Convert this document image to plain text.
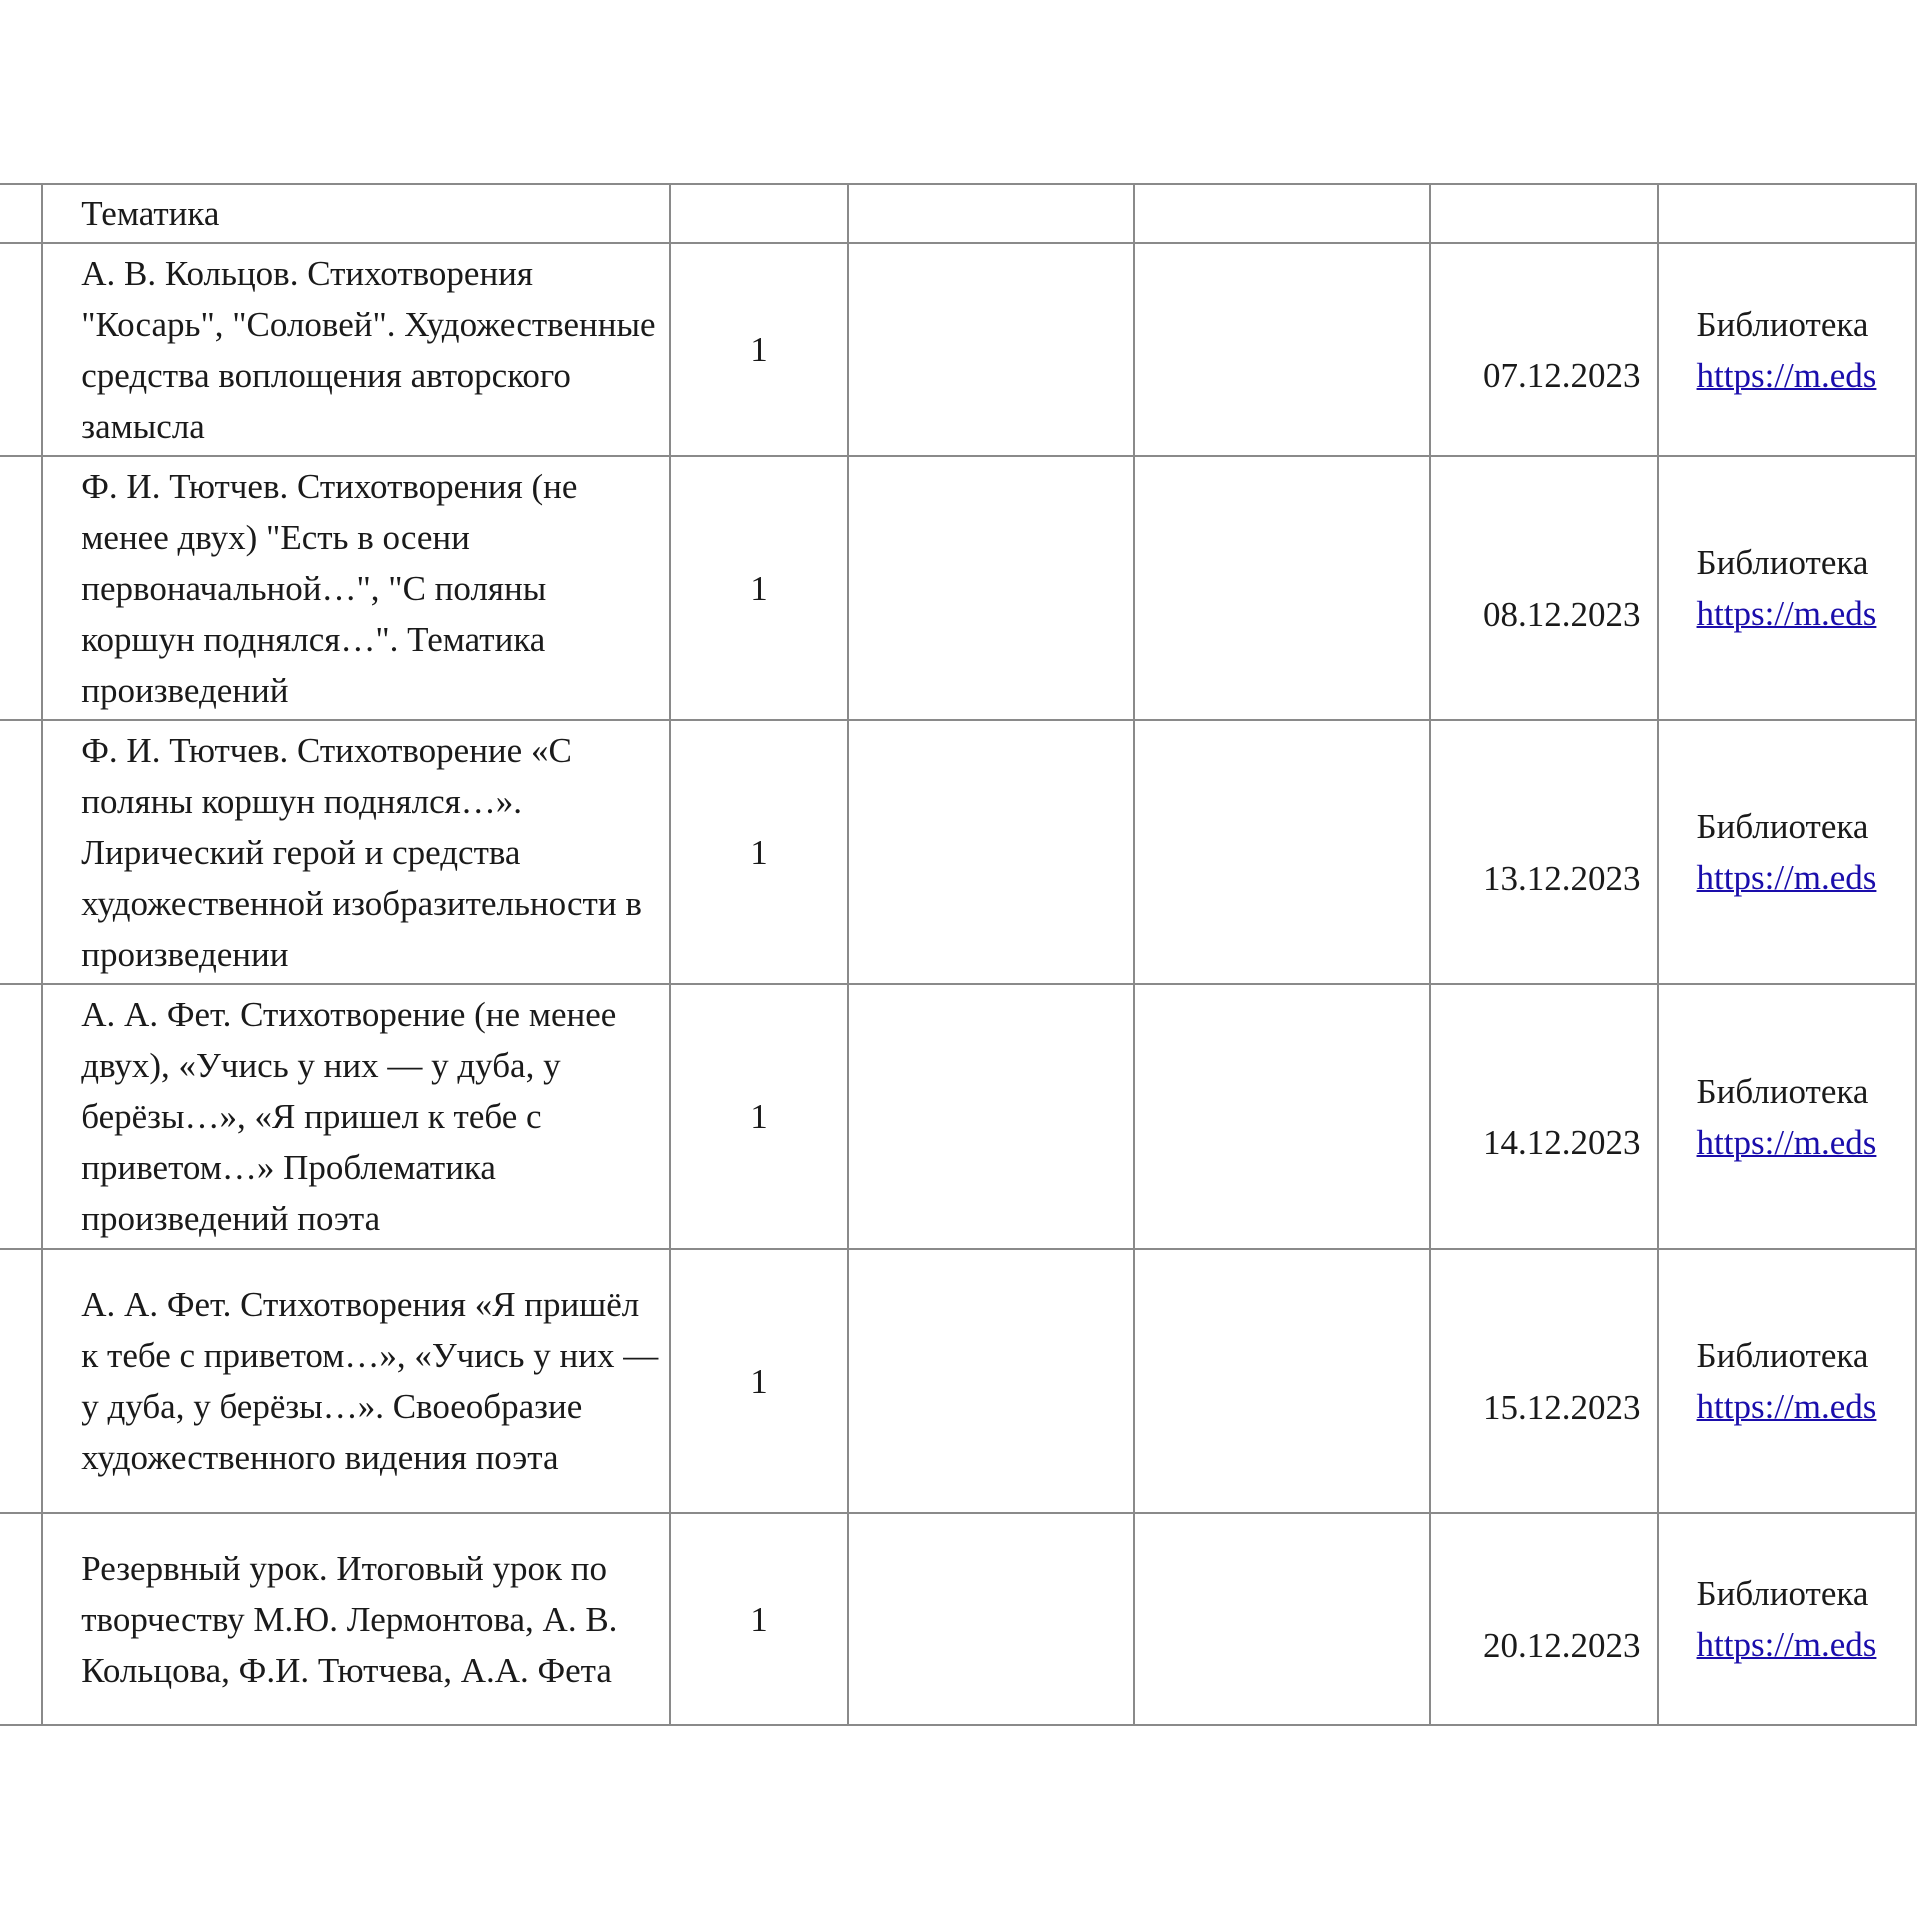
	Тематика					
	А. В. Кольцов. Стихотворения "Косарь", "Соловей". Художественные средства воплощения авторского замысла	1			07.12.2023	Библиотека
https://m.eds

	Ф. И. Тютчев. Стихотворения (не менее двух) "Есть в осени первоначальной…", "С поляны коршун поднялся…". Тематика произведений	1			08.12.2023	Библиотека
https://m.eds

	Ф. И. Тютчев. Стихотворение «С поляны коршун поднялся…». Лирический герой и средства художественной изобразительности в произведении	1			13.12.2023	Библиотека
https://m.eds

	А. А. Фет. Стихотворение (не менее двух), «Учись у них — у дуба, у берёзы…», «Я пришел к тебе с приветом…» Проблематика произведений поэта	1			14.12.2023	Библиотека
https://m.eds

	А. А. Фет. Стихотворения «Я пришёл к тебе с приветом…», «Учись у них — у дуба, у берёзы…». Своеобразие художественного видения поэта	1			15.12.2023	Библиотека
https://m.eds

	Резервный урок. Итоговый урок по творчеству М.Ю. Лермонтова, А. В. Кольцова, Ф.И. Тютчева, А.А. Фета	1			20.12.2023	Библиотека
https://m.eds
